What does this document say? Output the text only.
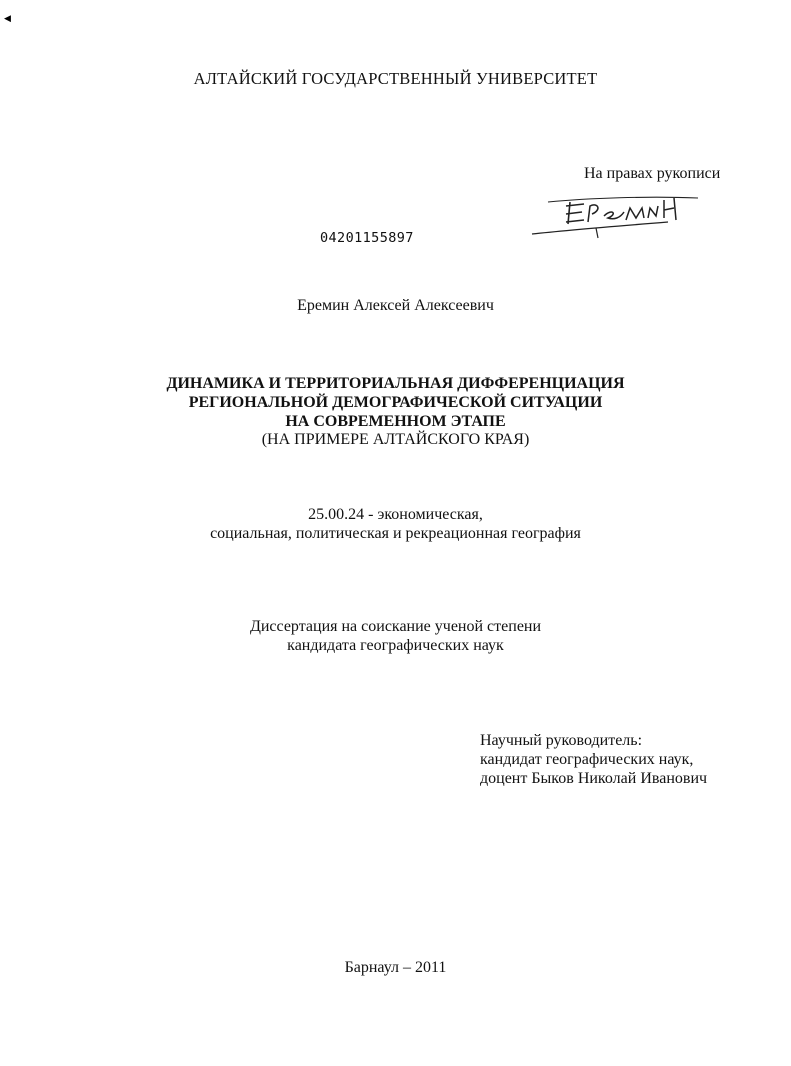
◀
АЛТАЙСКИЙ ГОСУДАРСТВЕННЫЙ УНИВЕРСИТЕТ
На правах рукописи
04201155897
Еремин Алексей Алексеевич
ДИНАМИКА И ТЕРРИТОРИАЛЬНАЯ ДИФФЕРЕНЦИАЦИЯ
РЕГИОНАЛЬНОЙ ДЕМОГРАФИЧЕСКОЙ СИТУАЦИИ
НА СОВРЕМЕННОМ ЭТАПЕ
(НА ПРИМЕРЕ АЛТАЙСКОГО КРАЯ)
25.00.24 - экономическая,
социальная, политическая и рекреационная география
Диссертация на соискание ученой степени
кандидата географических наук
Научный руководитель:
кандидат географических наук,
доцент Быков Николай Иванович
Барнаул – 2011
